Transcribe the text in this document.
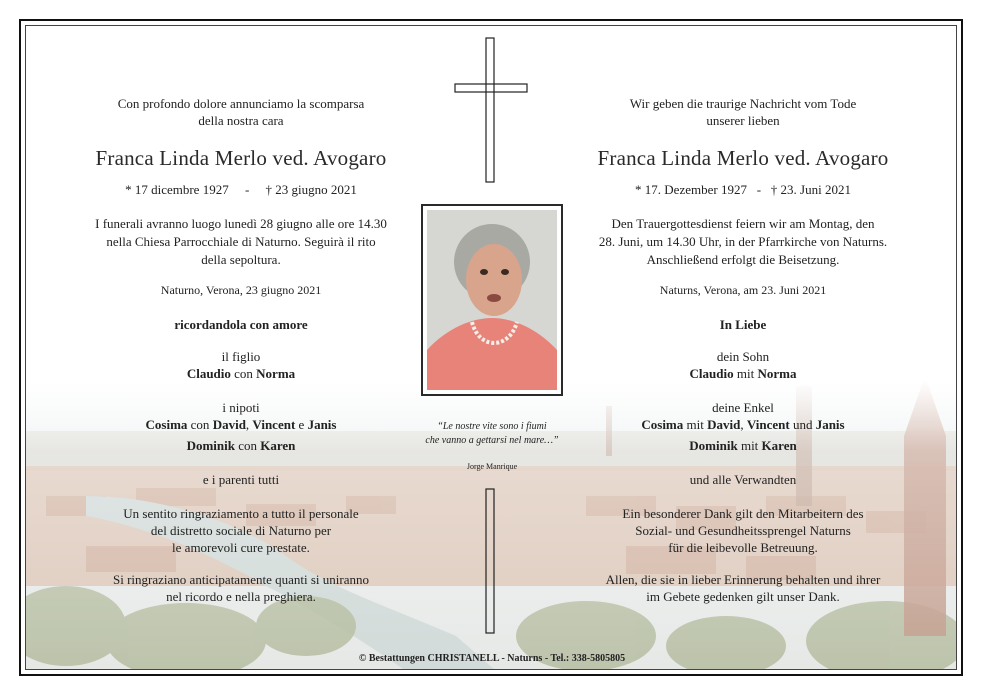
“Le nostre vite sono i fiumi
che vanno a gettarsi nel mare…”
Jorge Manrique

Con profondo dolore annunciamo la scomparsa

della nostra cara

Franca Linda Merlo ved. Avogaro

* 17 dicembre 1927 - † 23 giugno 2021

I funerali avranno luogo lunedì 28 giugno alle ore 14.30

nella Chiesa Parrocchiale di Naturno. Seguirà il rito

della sepoltura.

Naturno, Verona, 23 giugno 2021

ricordandola con amore

il figlio

Claudio con Norma

i nipoti

Cosima con David, Vincent e Janis

Dominik con Karen

e i parenti tutti

Un sentito ringraziamento a tutto il personale

del distretto sociale di Naturno per

le amorevoli cure prestate.

Si ringraziano anticipatamente quanti si uniranno

nel ricordo e nella preghiera.

Wir geben die traurige Nachricht vom Tode

unserer lieben

Franca Linda Merlo ved. Avogaro

* 17. Dezember 1927 - † 23. Juni 2021

Den Trauergottesdienst feiern wir am Montag, den

28. Juni, um 14.30 Uhr, in der Pfarrkirche von Naturns.

Anschließend erfolgt die Beisetzung.

Naturns, Verona, am 23. Juni 2021

In Liebe

dein Sohn

Claudio mit Norma

deine Enkel

Cosima mit David, Vincent und Janis

Dominik mit Karen

und alle Verwandten

Ein besonderer Dank gilt den Mitarbeitern des

Sozial- und Gesundheitssprengel Naturns

für die leibevolle Betreuung.

Allen, die sie in lieber Erinnerung behalten und ihrer

im Gebete gedenken gilt unser Dank.

© Bestattungen CHRISTANELL - Naturns - Tel.: 338-5805805
